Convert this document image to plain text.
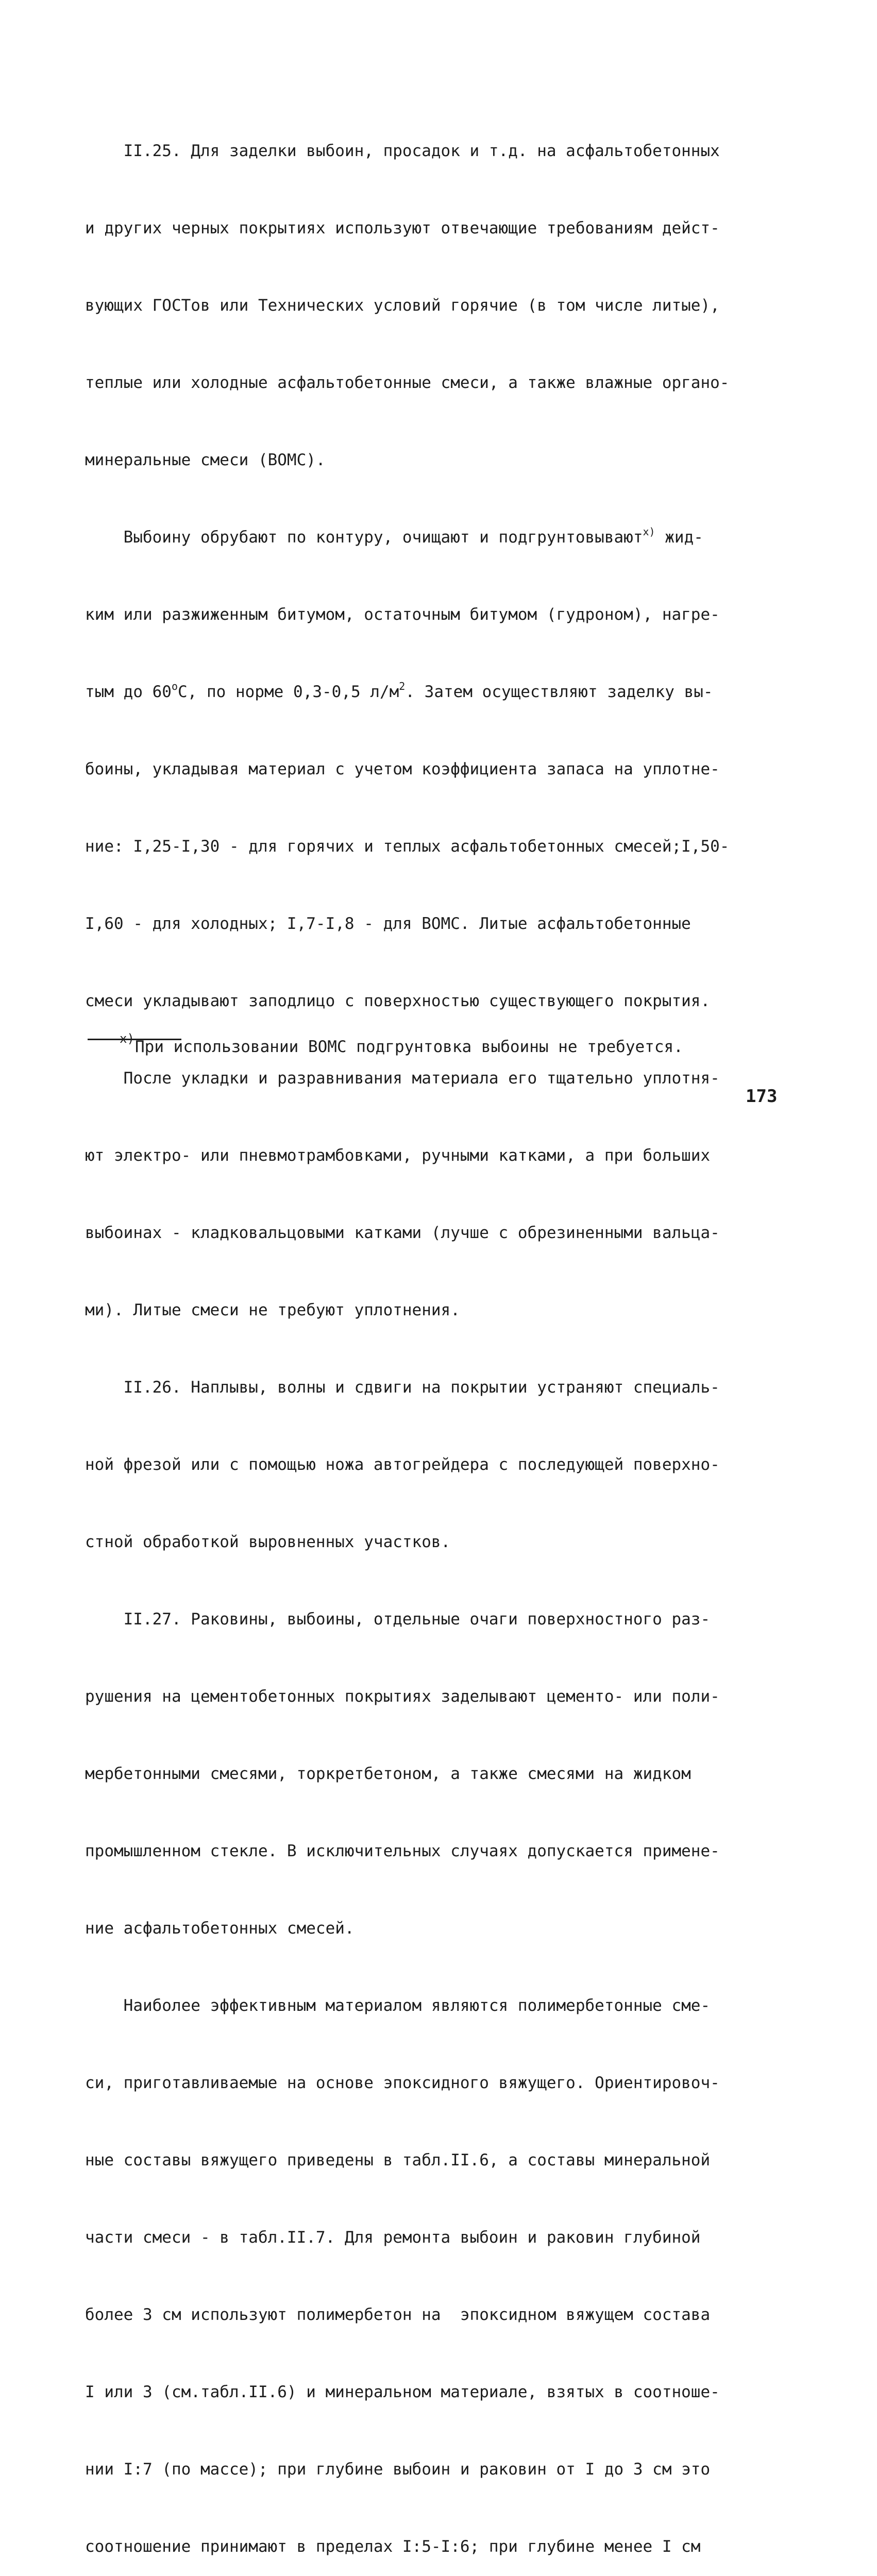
II.25. Для заделки выбоин, просадок и т.д. на асфальтобетонных

и других черных покрытиях используют отвечающие требованиям дейст-

вующих ГОСТов или Технических условий горячие (в том числе литые),

теплые или холодные асфальтобетонные смеси, а также влажные органо-

минеральные смеси (ВОМС).

Выбоину обрубают по контуру, очищают и подгрунтовывают$^{х)}$ жид-

ким или разжиженным битумом, остаточным битумом (гудроном), нагре-

тым до $60^оС$, по норме 0,3-0,5 $л/м^2$. Затем осуществляют заделку вы-

боины, укладывая материал с учетом коэффициента запаса на уплотне-

ние: I,25-I,30 - для горячих и теплых асфальтобетонных смесей;I,50-

I,60 - для холодных; I,7-I,8 - для ВОМС. Литые асфальтобетонные

смеси укладывают заподлицо с поверхностью существующего покрытия.

После укладки и разравнивания материала его тщательно уплотня-

ют электро- или пневмотрамбовками, ручными катками, а при больших

выбоинах - кладковальцовыми катками (лучше с обрезиненными вальца-

ми). Литые смеси не требуют уплотнения.

II.26. Наплывы, волны и сдвиги на покрытии устраняют специаль-

ной фрезой или с помощью ножа автогрейдера с последующей поверхно-

стной обработкой выровненных участков.

II.27. Раковины, выбоины, отдельные очаги поверхностного раз-

рушения на цементобетонных покрытиях заделывают цементо- или поли-

мербетонными смесями, торкретбетоном, а также смесями на жидком

промышленном стекле. В исключительных случаях допускается примене-

ние асфальтобетонных смесей.

Наиболее эффективным материалом являются полимербетонные сме-

си, приготавливаемые на основе эпоксидного вяжущего. Ориентировоч-

ные составы вяжущего приведены в табл.II.6, а составы минеральной

части смеси - в табл.II.7. Для ремонта выбоин и раковин глубиной

более 3 см используют полимербетон на  эпоксидном вяжущем состава

I или 3 (см.табл.II.6) и минеральном материале, взятых в соотноше-

нии I:7 (по массе); при глубине выбоин и раковин от I до 3 см это

соотношение принимают в пределах I:5-I:6; при глубине менее I см

х) При использовании ВОМС подгрунтовка выбоины не требуется.
173
